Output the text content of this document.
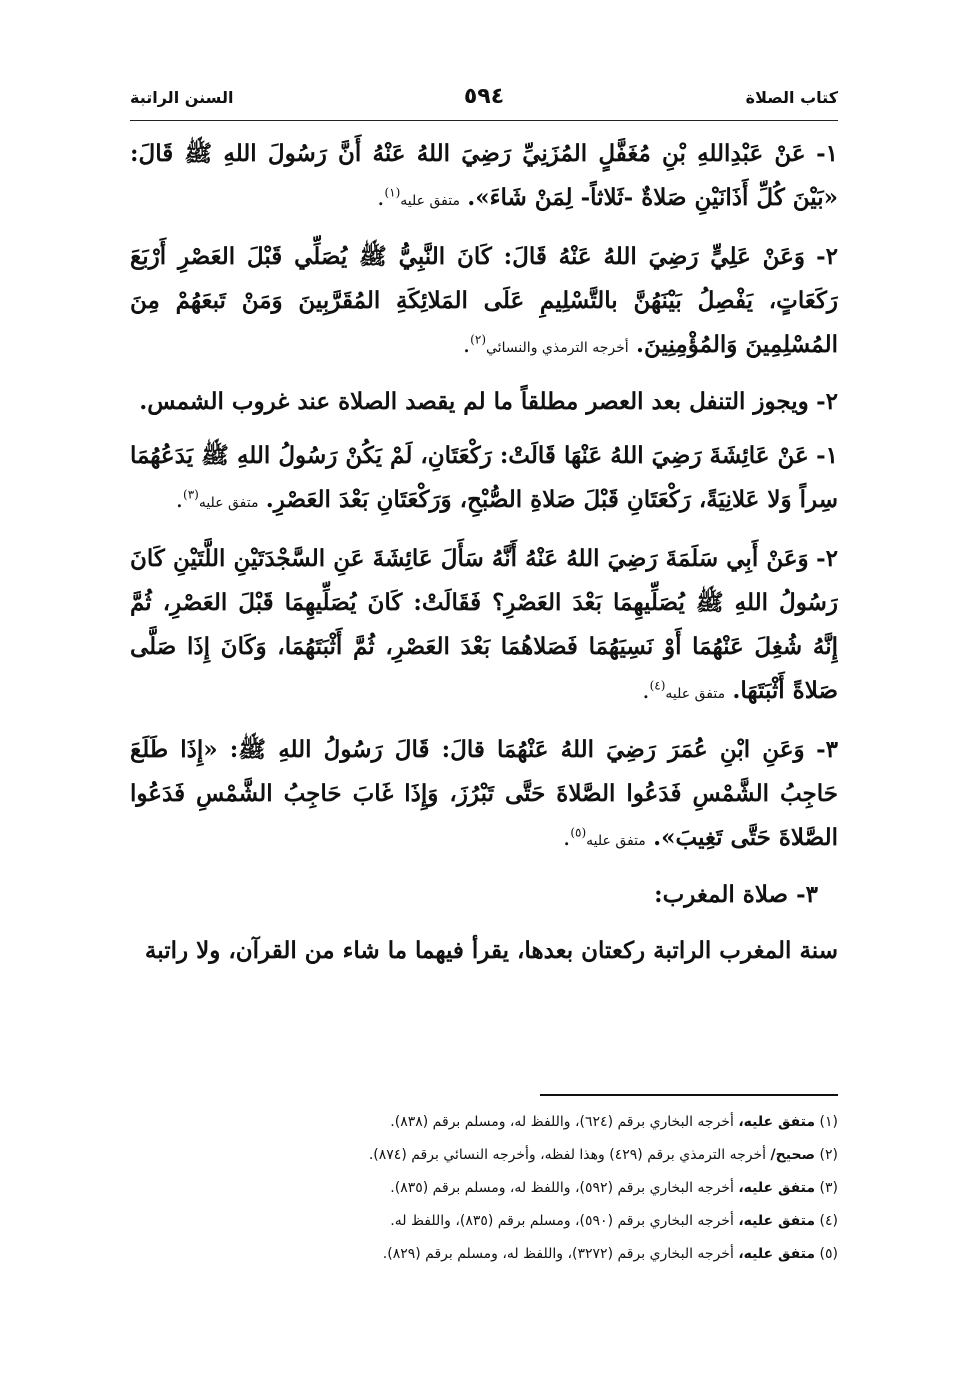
كتاب الصلاة
٥٩٤
السنن الراتبة

١- عَنْ عَبْدِاللهِ بْنِ مُغَفَّلٍ المُزَنِيِّ رَضِيَ اللهُ عَنْهُ أَنَّ رَسُولَ اللهِ ﷺ قَالَ: «بَيْنَ كُلِّ أَذَانَيْنِ صَلاةٌ -ثَلاثاً- لِمَنْ شَاءَ». متفق عليه$^{(١)}$.

٢- وَعَنْ عَلِيٍّ رَضِيَ اللهُ عَنْهُ قَالَ: كَانَ النَّبِيُّ ﷺ يُصَلِّي قَبْلَ العَصْرِ أَرْبَعَ رَكَعَاتٍ، يَفْصِلُ بَيْنَهُنَّ بالتَّسْلِيمِ عَلَى المَلائِكَةِ المُقَرَّبِينَ وَمَنْ تَبعَهُمْ مِنَ المُسْلِمِينَ وَالمُؤْمِنِينَ. أخرجه الترمذي والنسائي$^{(٢)}$.

٢- ويجوز التنفل بعد العصر مطلقاً ما لم يقصد الصلاة عند غروب الشمس.

١- عَنْ عَائِشَةَ رَضِيَ اللهُ عَنْهَا قَالَتْ: رَكْعَتَانِ، لَمْ يَكُنْ رَسُولُ اللهِ ﷺ يَدَعُهُمَا سِراً وَلا عَلانِيَةً، رَكْعَتَانِ قَبْلَ صَلاةِ الصُّبْحِ، وَرَكْعَتَانِ بَعْدَ العَصْرِ. متفق عليه$^{(٣)}$.

٢- وَعَنْ أَبِي سَلَمَةَ رَضِيَ اللهُ عَنْهُ أَنَّهُ سَأَلَ عَائِشَةَ عَنِ السَّجْدَتَيْنِ اللَّتَيْنِ كَانَ رَسُولُ اللهِ ﷺ يُصَلِّيهِمَا بَعْدَ العَصْرِ؟ فَقَالَتْ: كَانَ يُصَلِّيهِمَا قَبْلَ العَصْرِ، ثُمَّ إِنَّهُ شُغِلَ عَنْهُمَا أَوْ نَسِيَهُمَا فَصَلاهُمَا بَعْدَ العَصْرِ، ثُمَّ أَثْبَتَهُمَا، وَكَانَ إِذَا صَلَّى صَلاةً أَثْبَتَهَا. متفق عليه$^{(٤)}$.

٣- وَعَنِ ابْنِ عُمَرَ رَضِيَ اللهُ عَنْهُمَا قالَ: قَالَ رَسُولُ اللهِ ﷺ: «إِذَا طَلَعَ حَاجِبُ الشَّمْسِ فَدَعُوا الصَّلاةَ حَتَّى تَبْرُزَ، وَإِذَا غَابَ حَاجِبُ الشَّمْسِ فَدَعُوا الصَّلاةَ حَتَّى تَغِيبَ». متفق عليه$^{(٥)}$.

٣- صلاة المغرب:

سنة المغرب الراتبة ركعتان بعدها، يقرأ فيهما ما شاء من القرآن، ولا راتبة

(١) متفق عليه، أخرجه البخاري برقم (٦٢٤)، واللفظ له، ومسلم برقم (٨٣٨).
(٢) صحيح/ أخرجه الترمذي برقم (٤٢٩) وهذا لفظه، وأخرجه النسائي برقم (٨٧٤).
(٣) متفق عليه، أخرجه البخاري برقم (٥٩٢)، واللفظ له، ومسلم برقم (٨٣٥).
(٤) متفق عليه، أخرجه البخاري برقم (٥٩٠)، ومسلم برقم (٨٣٥)، واللفظ له.
(٥) متفق عليه، أخرجه البخاري برقم (٣٢٧٢)، واللفظ له، ومسلم برقم (٨٢٩).
